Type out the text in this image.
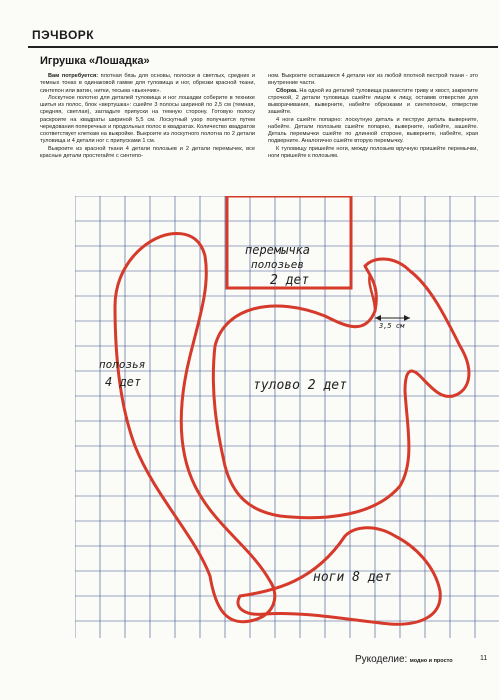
ПЭЧВОРК
Игрушка «Лошадка»

Вам потребуется: плотная бязь для основы, полоски в светлых, средних и темных тонах в одинаковой гамме для туловища и ног, обрезки красной ткани, синтепон или ватин, нитки, тесьма «вьюнчик».

Лоскутное полотно для деталей туловища и ног лошадки соберите в технике шитья из полос, блок «вертушка»: сшейте 3 полосы шириной по 2,5 см (темная, средняя, светлая), загладьте припуски на темную сторону. Готовую полосу раскроите на квадраты шириной 5,5 см. Лоскутный узор получается путем чередования поперечных и продольных полос в квадратах. Количество квадратов соответствует клеткам на выкройке. Выкроите из лоскутного полотна по 2 детали туловища и 4 детали ног с припусками 1 см.

Выкроите из красной ткани 4 детали полозьев и 2 детали перемычек, все красные детали простегайте с синтепо-

ном. Выкроите оставшиеся 4 детали ног из любой плотной пестрой ткани - это внутренние части.

Сборка. На одной из деталей туловища разместите гриву и хвост, закрепите строчкой, 2 детали туловища сшейте лицом к лицу, оставив отверстие для выворачивания, выверните, набейте обрезками и синтепоном, отверстие зашейте.

4 ноги сшейте попарно: лоскутную деталь и пеструю деталь выверните, набейте. Детали полозьев сшейте попарно, выверните, набейте, зашейте. Деталь перемычки сшейте по длинной стороне, выверните, набейте, края подверните. Аналогично сшейте вторую перемычку.

К туловищу пришейте ноги, между полозьев вручную пришейте перемычки, ноги пришейте к полозьям.

3,5 см
перемычка
полозьев
2 дет
полозья
4 дет	тулово 2 дет
ноги 8 дет
Рукоделие: модно и просто	11
